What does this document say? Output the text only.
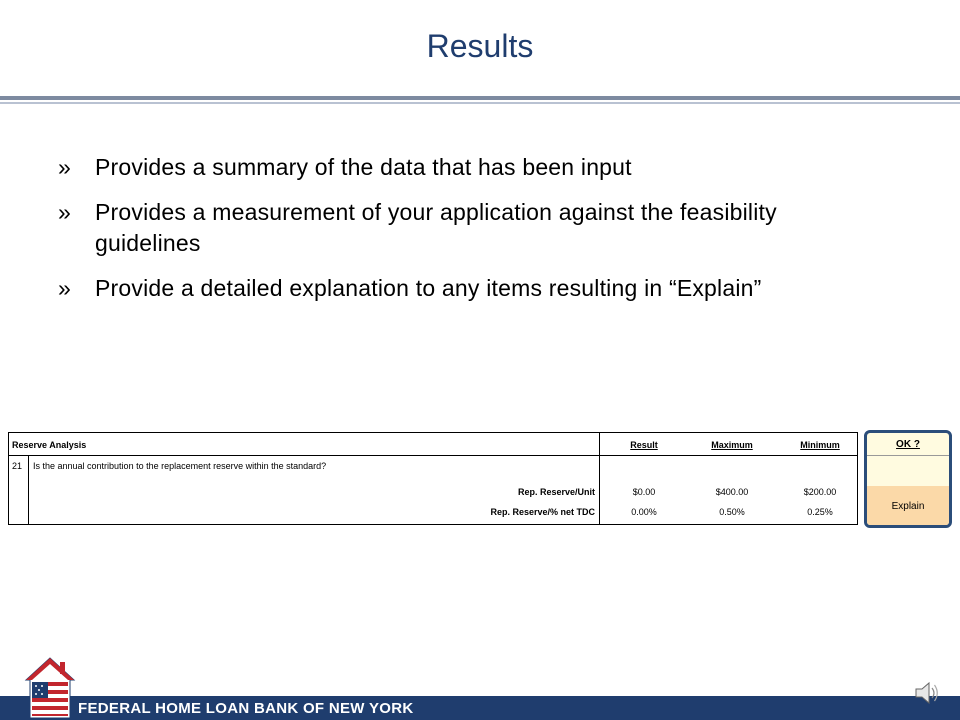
Results
» Provides a summary of the data that has been input
» Provides a measurement of your application against the feasibility guidelines
» Provide a detailed explanation to any items resulting in “Explain”
Reserve Analysis	Result	Maximum	Minimum
21 Is the annual contribution to the replacement reserve within the standard?
Rep. Reserve/Unit	$0.00	$400.00	$200.00
Rep. Reserve/% net TDC	0.00%	0.50%	0.25%
OK ?
Explain
FEDERAL HOME LOAN BANK OF NEW YORK
